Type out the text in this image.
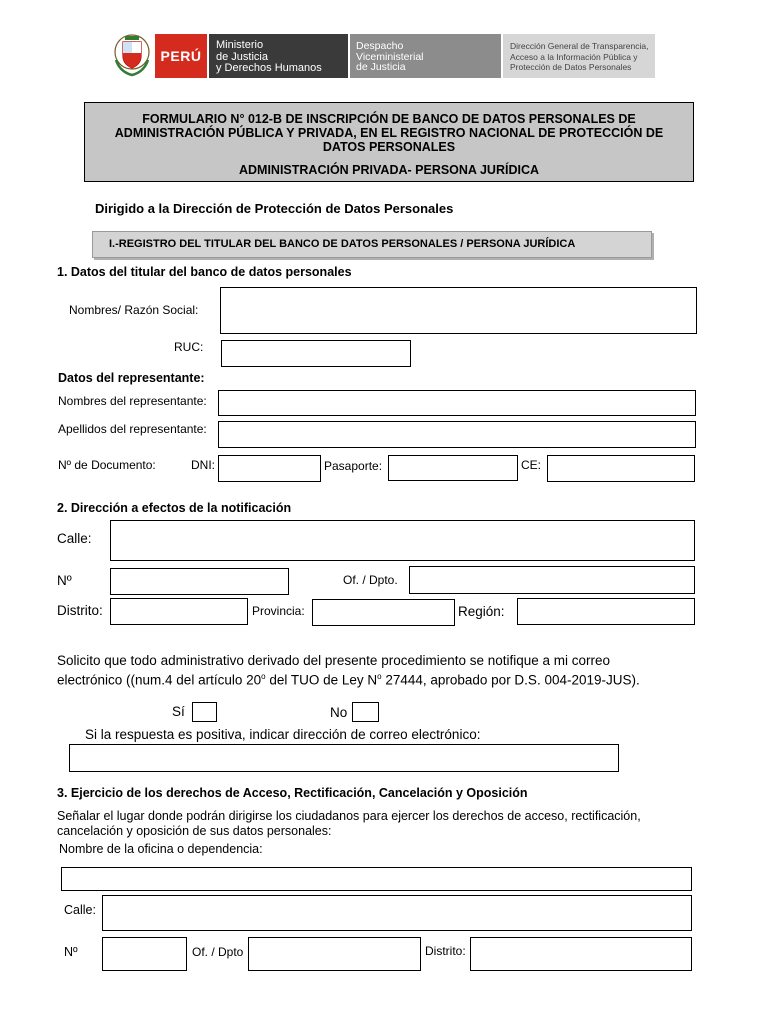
PERÚ
Ministerio
de Justicia
y Derechos Humanos
Despacho
Viceministerial
de Justicia
Dirección General de Transparencia,
Acceso a la Información Pública y
Protección de Datos Personales
FORMULARIO N° 012-B DE INSCRIPCIÓN DE BANCO DE DATOS PERSONALES DE ADMINISTRACIÓN PÚBLICA Y PRIVADA, EN EL REGISTRO NACIONAL DE PROTECCIÓN DE DATOS PERSONALES
ADMINISTRACIÓN PRIVADA- PERSONA JURÍDICA
Dirigido a la Dirección de Protección de Datos Personales
I.-REGISTRO DEL TITULAR DEL BANCO DE DATOS PERSONALES / PERSONA JURÍDICA
1. Datos del titular del banco de datos personales
Nombres/ Razón Social:
RUC:
Datos del representante:
Nombres del representante:
Apellidos del representante:
Nº de Documento:	DNI:	Pasaporte:	CE:
2. Dirección a efectos de la notificación
Calle:
Nº	Of. / Dpto.
Distrito:	Provincia:	Región:
Solicito que todo administrativo derivado del presente procedimiento se notifique a mi correo
electrónico ((num.4 del artículo 20$^o$ del TUO de Ley $N^o$ 27444, aprobado por D.S. 004-2019-JUS).
Sí	No
Si la respuesta es positiva, indicar dirección de correo electrónico:
3. Ejercicio de los derechos de Acceso, Rectificación, Cancelación y Oposición
Señalar el lugar donde podrán dirigirse los ciudadanos para ejercer los derechos de acceso, rectificación,
cancelación y oposición de sus datos personales:
Nombre de la oficina o dependencia:
Calle:
Nº	Of. / Dpto	Distrito:
